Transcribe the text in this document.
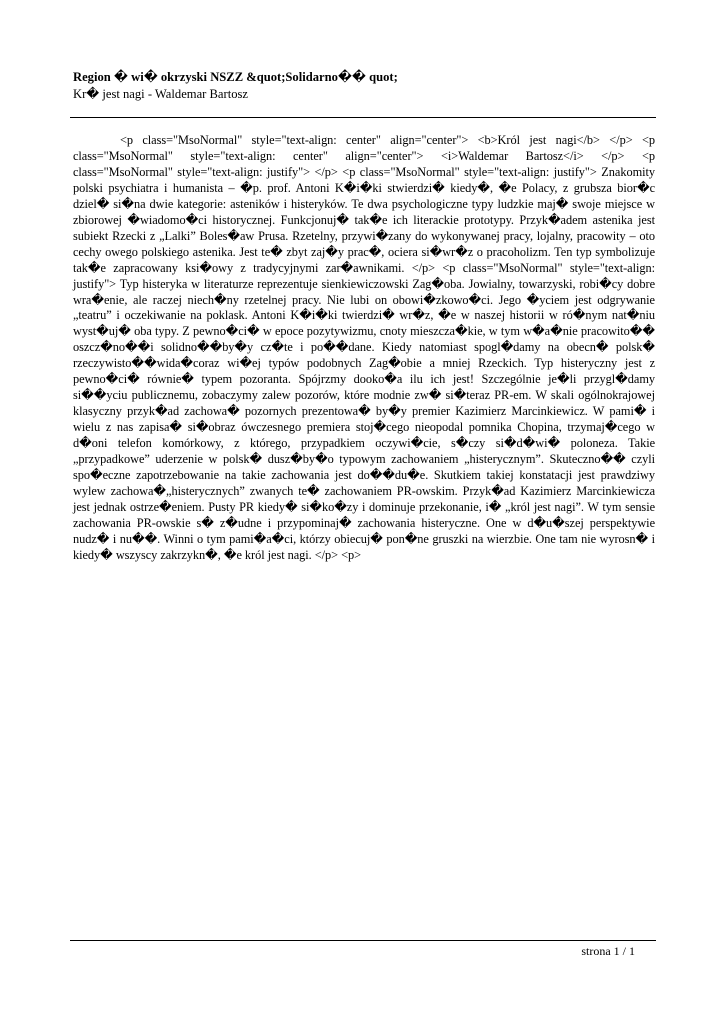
Region � wi� okrzyski NSZZ &quot;Solidarno�� quot;

Kr� jest nagi - Waldemar Bartosz

<p class="MsoNormal" style="text-align: center" align="center"> <b>Król jest nagi</b> </p> <p class="MsoNormal" style="text-align: center" align="center"> <i>Waldemar Bartosz</i> </p> <p class="MsoNormal" style="text-align: justify"> </p> <p class="MsoNormal" style="text-align: justify"> Znakomity polski psychiatra i humanista – �p. prof. Antoni K�i�ki stwierdzi� kiedy�, �e Polacy, z grubsza bior�c dziel� si�na dwie kategorie: asteników i histeryków. Te dwa psychologiczne typy ludzkie maj� swoje miejsce w zbiorowej �wiadomo�ci historycznej. Funkcjonuj� tak�e ich literackie prototypy. Przyk�adem astenika jest subiekt Rzecki z „Lalki” Boles�aw Prusa. Rzetelny, przywi�zany do wykonywanej pracy, lojalny, pracowity – oto cechy owego polskiego astenika. Jest te� zbyt zaj�y prac�, ociera si�wr�z o pracoholizm. Ten typ symbolizuje tak�e zapracowany ksi�owy z tradycyjnymi zar�awnikami. </p> <p class="MsoNormal" style="text-align: justify"> Typ histeryka w literaturze reprezentuje sienkiewiczowski Zag�oba. Jowialny, towarzyski, robi�cy dobre wra�enie, ale raczej niech�ny rzetelnej pracy. Nie lubi on obowi�zkowo�ci. Jego �yciem jest odgrywanie „teatru” i oczekiwanie na poklask. Antoni K�i�ki twierdzi� wr�z, �e w naszej historii w ró�nym nat�niu wyst�uj� oba typy. Z pewno�ci� w epoce pozytywizmu, cnoty mieszcza�kie, w tym w�a�nie pracowito�� oszcz�no��i solidno��by�y cz�te i po��dane. Kiedy natomiast spogl�damy na obecn� polsk� rzeczywisto��wida�coraz wi�ej typów podobnych Zag�obie a mniej Rzeckich. Typ histeryczny jest z pewno�ci� równie� typem pozoranta. Spójrzmy dooko�a ilu ich jest! Szczególnie je�li przygl�damy si��yciu publicznemu, zobaczymy zalew pozorów, które modnie zw� si�teraz PR-em. W skali ogólnokrajowej klasyczny przyk�ad zachowa� pozornych prezentowa� by�y premier Kazimierz Marcinkiewicz. W pami� i wielu z nas zapisa� si�obraz ówczesnego premiera stoj�cego nieopodal pomnika Chopina, trzymaj�cego w d�oni telefon komórkowy, z którego, przypadkiem oczywi�cie, s�czy si�d�wi� poloneza. Takie „przypadkowe” uderzenie w polsk� dusz�by�o typowym zachowaniem „histerycznym”. Skuteczno�� czyli spo�eczne zapotrzebowanie na takie zachowania jest do��du�e. Skutkiem takiej konstatacji jest prawdziwy wylew zachowa�„histerycznych” zwanych te� zachowaniem PR-owskim. Przyk�ad Kazimierz Marcinkiewicza jest jednak ostrze�eniem. Pusty PR kiedy� si�ko�zy i dominuje przekonanie, i� „król jest nagi”. W tym sensie zachowania PR-owskie s� z�udne i przypominaj� zachowania histeryczne. One w d�u�szej perspektywie nudz� i nu��. Winni o tym pami�a�ci, którzy obiecuj� pon�ne gruszki na wierzbie. One tam nie wyrosn� i kiedy� wszyscy zakrzykn�, �e król jest nagi. </p> <p>

strona 1 / 1
